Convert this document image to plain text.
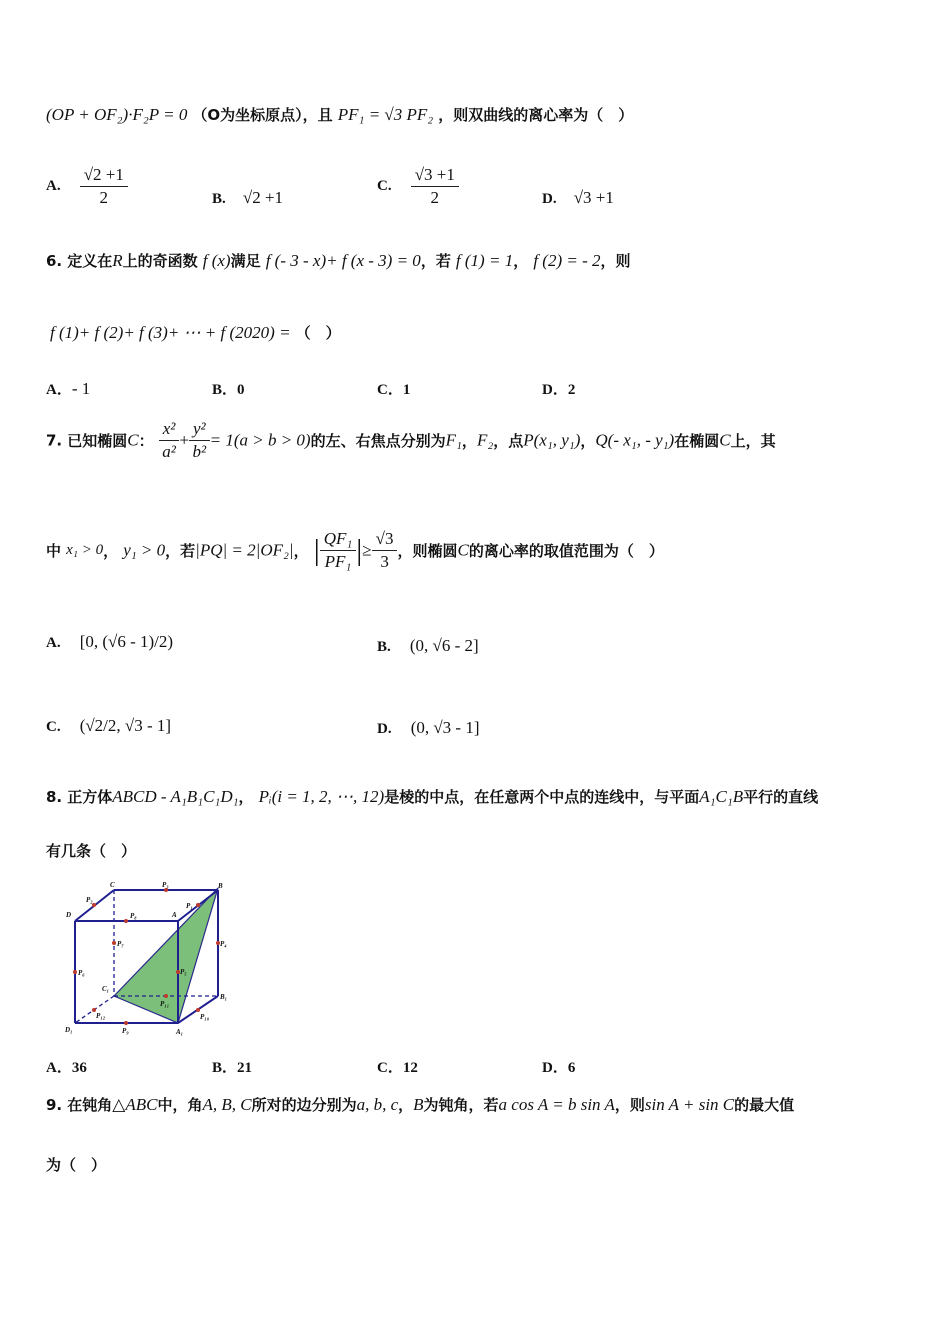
(OP + OF₂)·F₂P = 0 （O为坐标原点），且 PF₁ = √3 PF₂ ，则双曲线的离心率为（　）
A. $\frac{√2 +1}{2}$	B. √2 +1
C. $\frac{√3 +1}{2}$	D. √3 +1
6. 定义在R上的奇函数 f (x)满足 f (- 3 - x)+ f (x - 3) = 0，若 f (1) = 1， f (2) = - 2，则
f (1)+ f (2)+ f (3)+ ⋯ + f (2020) = （　）
A．- 1	B．0	C．1	D．2
7. 已知椭圆C： $\frac{\text{x²}}{\text{a²}} + \frac{\text{y²}}{\text{b²}} = 1(a > b > 0)$的左、右焦点分别为F₁，F₂，点P(x₁, y₁)，Q(- x₁, - y₁)在椭圆C上，其
中 x₁ > 0， y₁ > 0，若|PQ| = 2|OF₂|， | $\frac{\text{QF₁}}{\text{PF₁}}$ |≥ $\frac{√3}{3}$ ，则椭圆C的离心率的取值范围为（　）
A. [0, (√6 - 1)/2)	B. (0, √6 - 2]
C. (√2/2, √3 - 1]	D. (0, √3 - 1]
8. 正方体ABCD - A₁B₁C₁D₁， Pᵢ(i = 1, 2, ⋯, 12)是棱的中点，在任意两个中点的连线中，与平面A₁C₁B平行的直线
有几条（　）
C	P₃	B
D
P₂
P₁
A
P₈
P₄
P₇
P₅
P₆
C₁
B₁
P₁₂
P₁₁
P₁₀
D₁	P₉	A₁
A．36	B．21	C．12	D．6
9. 在钝角△ABC中，角A, B, C所对的边分别为a, b, c，B为钝角，若a cos A = b sin A，则sin A + sin C的最大值
为（　）
